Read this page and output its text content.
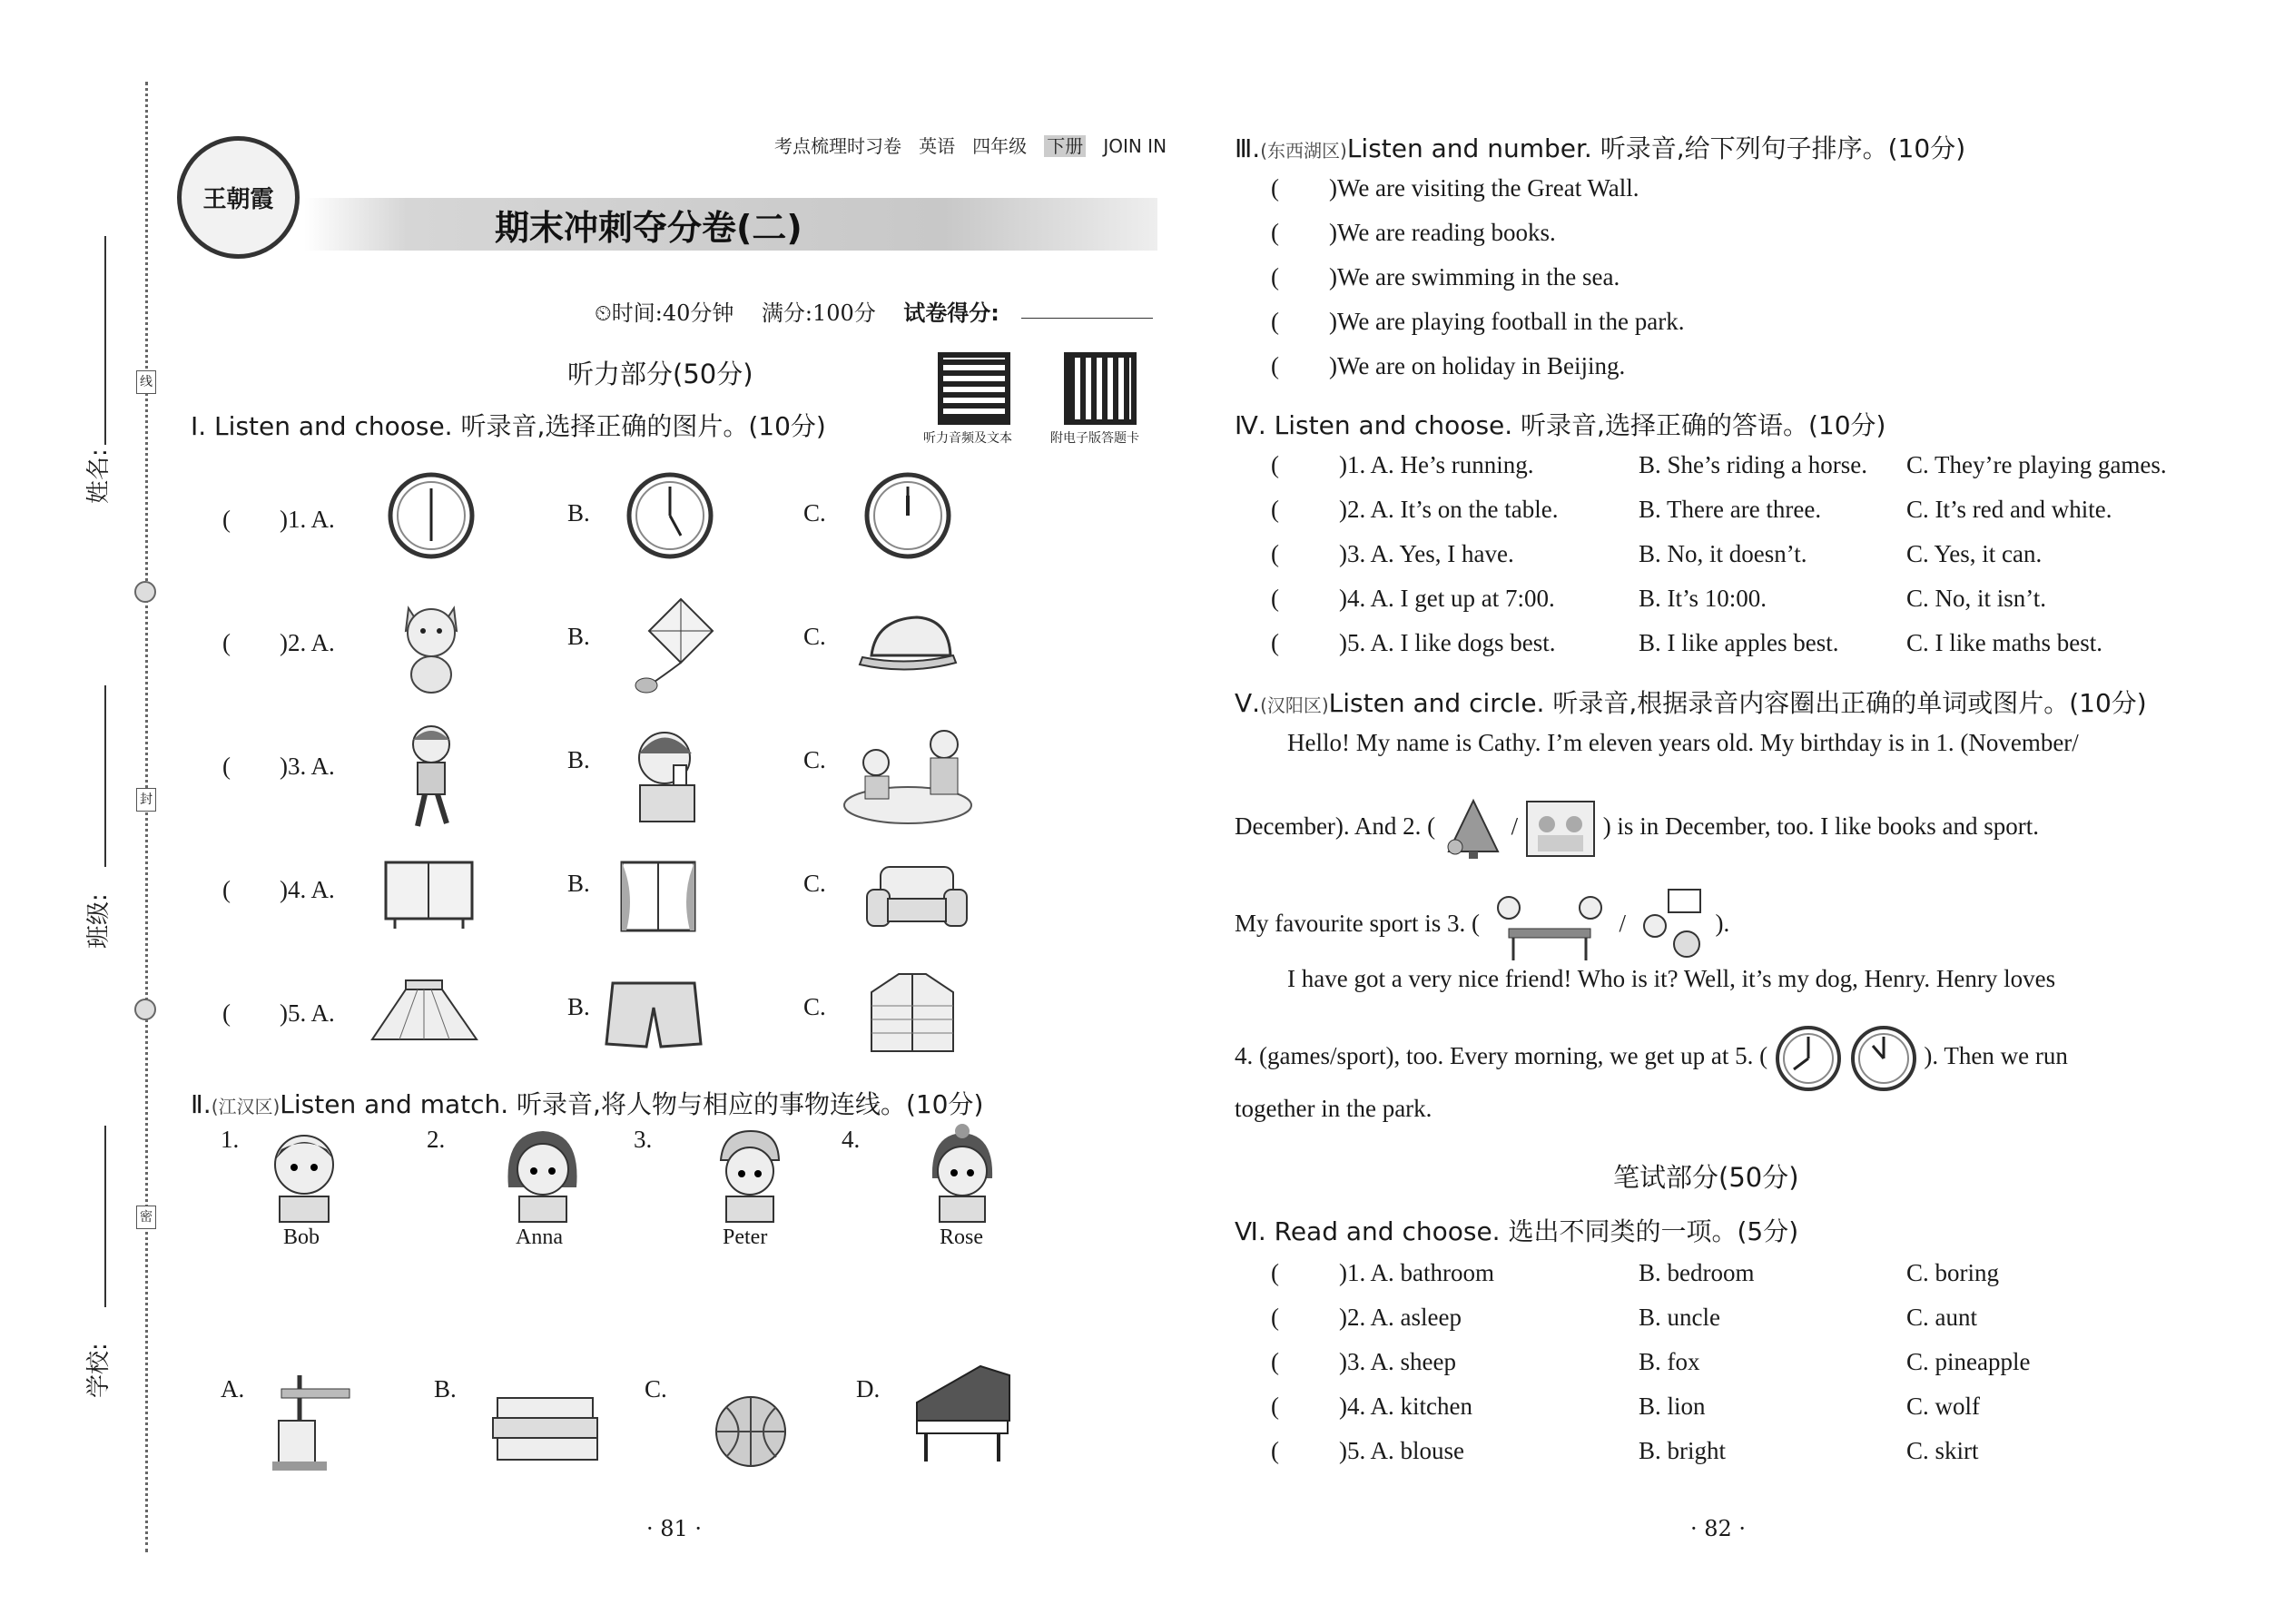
线
封
密
姓名:
班级:
学校:
王朝霞
考点梳理时习卷 英语 四年级 下册 JOIN IN
期末冲刺夺分卷(二)
⏲时间:40分钟 满分:100分 试卷得分:
听力部分(50分)
听力音频及文本	附电子版答题卡
Ⅰ. Listen and choose. 听录音,选择正确的图片。(10分)
(　　)1. A.	B.	C.
(　　)2. A.	B.	C.
(　　)3. A.	B.	C.
(　　)4. A.	B.	C.
(　　)5. A.	B.	C.
Ⅱ.(江汉区)Listen and match. 听录音,将人物与相应的事物连线。(10分)
1.
Bob
2.
Anna
3.
Peter
4.
Rose
A.	B.	C.	D.
· 81 ·
Ⅲ.(东西湖区)Listen and number. 听录音,给下列句子排序。(10分)
( )We are visiting the Great Wall.
( )We are reading books.
( )We are swimming in the sea.
( )We are playing football in the park.
( )We are on holiday in Beijing.
Ⅳ. Listen and choose. 听录音,选择正确的答语。(10分)
( )1. A. He’s running.	B. She’s riding a horse. C. They’re playing games.
( )2. A. It’s on the table.	B. There are three.	C. It’s red and white.
( )3. A. Yes, I have.	B. No, it doesn’t.	C. Yes, it can.
( )4. A. I get up at 7:00.	B. It’s 10:00.	C. No, it isn’t.
( )5. A. I like dogs best.	B. I like apples best.	C. I like maths best.
Ⅴ.(汉阳区)Listen and circle. 听录音,根据录音内容圈出正确的单词或图片。(10分)
Hello! My name is Cathy. I’m eleven years old. My birthday is in 1. (November/
December). And 2. (	/	) is in December, too. I like books and sport.
My favourite sport is 3. (	/	).
I have got a very nice friend! Who is it? Well, it’s my dog, Henry. Henry loves
4. (games/sport), too. Every morning, we get up at 5. (	). Then we run
together in the park.
笔试部分(50分)
Ⅵ. Read and choose. 选出不同类的一项。(5分)
( )1. A. bathroom	B. bedroom	C. boring
( )2. A. asleep	B. uncle	C. aunt
( )3. A. sheep	B. fox	C. pineapple
( )4. A. kitchen	B. lion	C. wolf
( )5. A. blouse	B. bright	C. skirt
· 82 ·
